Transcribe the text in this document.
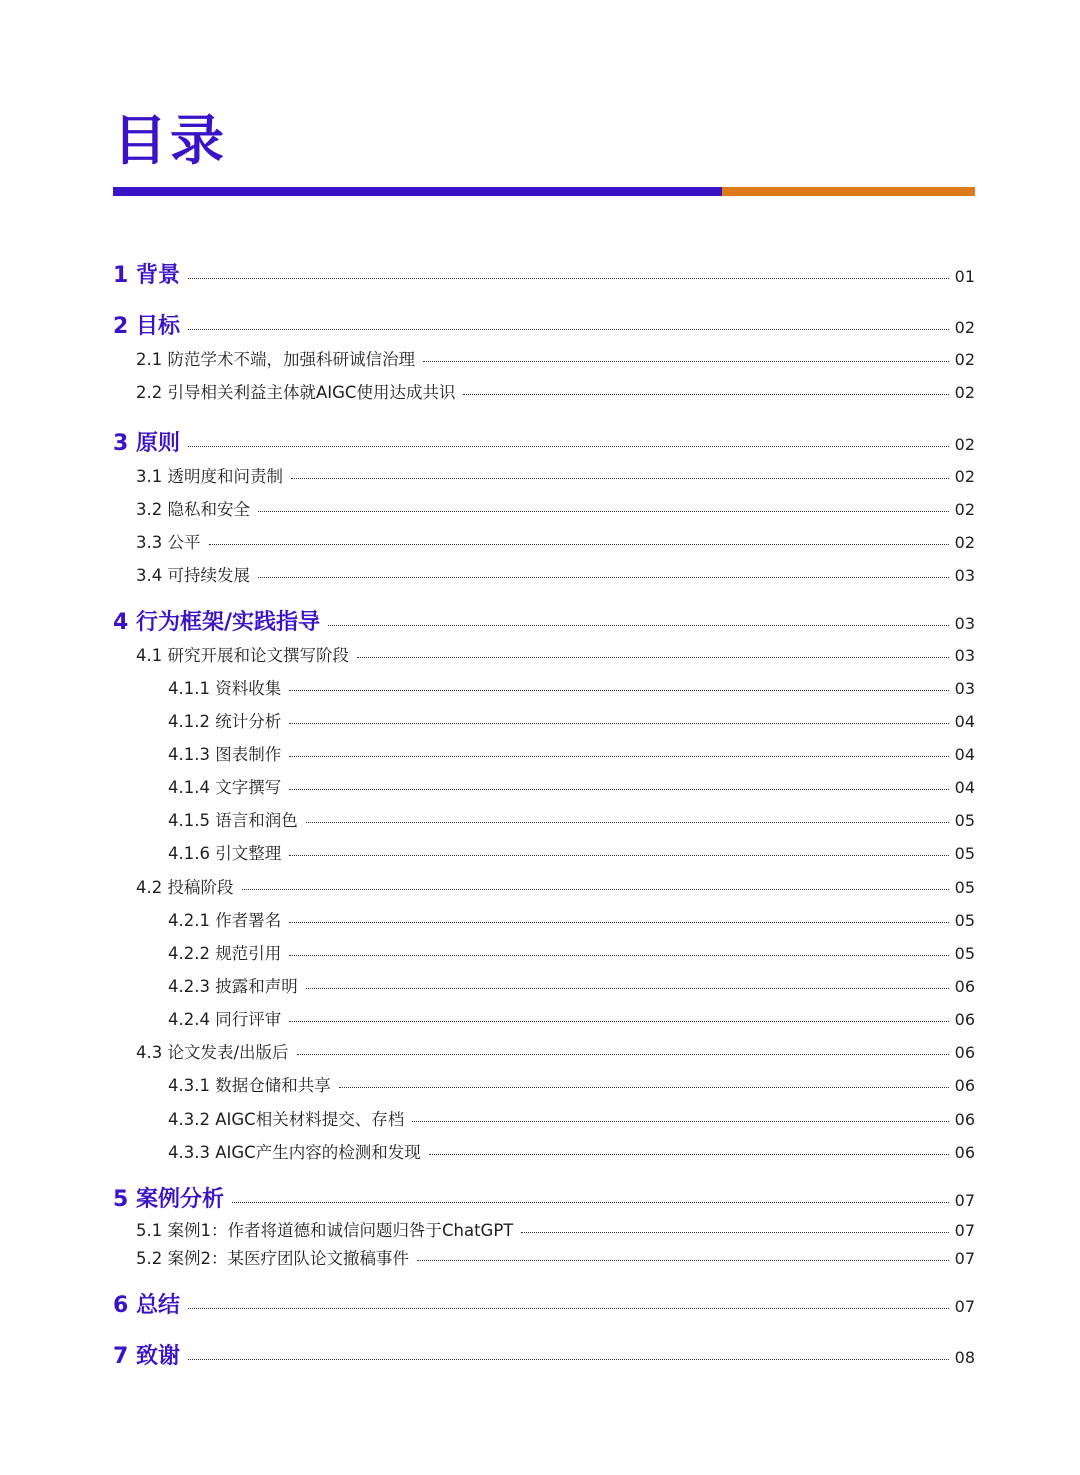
目录
1 背景	01
2 目标	02
2.1 防范学术不端，加强科研诚信治理	02
2.2 引导相关利益主体就AIGC使用达成共识	02
3 原则	02
3.1 透明度和问责制	02
3.2 隐私和安全	02
3.3 公平	02
3.4 可持续发展	03
4 行为框架/实践指导	03
4.1 研究开展和论文撰写阶段	03
4.1.1 资料收集	03
4.1.2 统计分析	04
4.1.3 图表制作	04
4.1.4 文字撰写	04
4.1.5 语言和润色	05
4.1.6 引文整理	05
4.2 投稿阶段	05
4.2.1 作者署名	05
4.2.2 规范引用	05
4.2.3 披露和声明	06
4.2.4 同行评审	06
4.3 论文发表/出版后	06
4.3.1 数据仓储和共享	06
4.3.2 AIGC相关材料提交、存档	06
4.3.3 AIGC产生内容的检测和发现	06
5 案例分析	07
5.1 案例1：作者将道德和诚信问题归咎于ChatGPT	07
5.2 案例2：某医疗团队论文撤稿事件	07
6 总结	07
7 致谢	08
